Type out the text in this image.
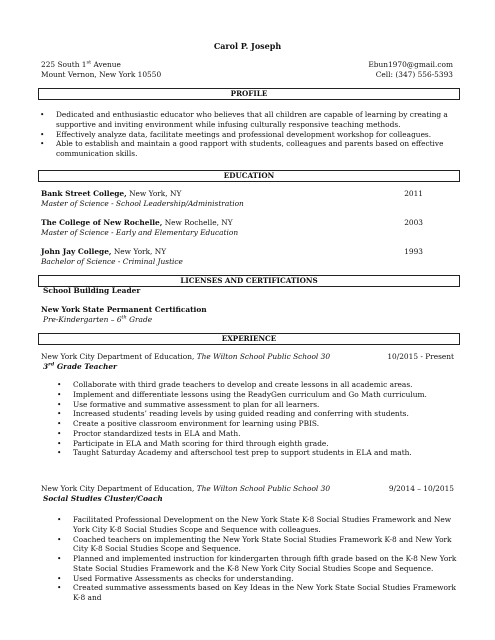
Carol P. Joseph
225 South 1st Avenue
Mount Vernon, New York 10550
Ebun1970@gmail.com
Cell: (347) 556-5393
PROFILE
• Dedicated and enthusiastic educator who believes that all children are capable of learning by creating a supportive and inviting environment while infusing culturally responsive teaching methods.
• Effectively analyze data, facilitate meetings and professional development workshop for colleagues.
• Able to establish and maintain a good rapport with students, colleagues and parents based on effective communication skills.
EDUCATION
Bank Street College, New York, NY
Master of Science - School Leadership/Administration
2011
The College of New Rochelle, New Rochelle, NY
Master of Science - Early and Elementary Education
2003
John Jay College, New York, NY
Bachelor of Science - Criminal Justice
1993
LICENSES AND CERTIFICATIONS
School Building Leader
New York State Permanent Certification
Pre-Kindergarten – 6th Grade
EXPERIENCE
New York City Department of Education, The Wilton School Public School 30
3rd Grade Teacher
10/2015 - Present
• Collaborate with third grade teachers to develop and create lessons in all academic areas.
• Implement and differentiate lessons using the ReadyGen curriculum and Go Math curriculum.
• Use formative and summative assessment to plan for all learners.
• Increased students’ reading levels by using guided reading and conferring with students.
• Create a positive classroom environment for learning using PBIS.
• Proctor standardized tests in ELA and Math.
• Participate in ELA and Math scoring for third through eighth grade.
• Taught Saturday Academy and afterschool test prep to support students in ELA and math.
New York City Department of Education, The Wilton School Public School 30
Social Studies Cluster/Coach
9/2014 – 10/2015
• Facilitated Professional Development on the New York State K-8 Social Studies Framework and New York City K-8 Social Studies Scope and Sequence with colleagues.
• Coached teachers on implementing the New York State Social Studies Framework K-8 and New York City K-8 Social Studies Scope and Sequence.
• Planned and implemented instruction for kindergarten through fifth grade based on the K-8 New York State Social Studies Framework and the K-8 New York City Social Studies Scope and Sequence.
• Used Formative Assessments as checks for understanding.
• Created summative assessments based on Key Ideas in the New York State Social Studies Framework K-8 and
